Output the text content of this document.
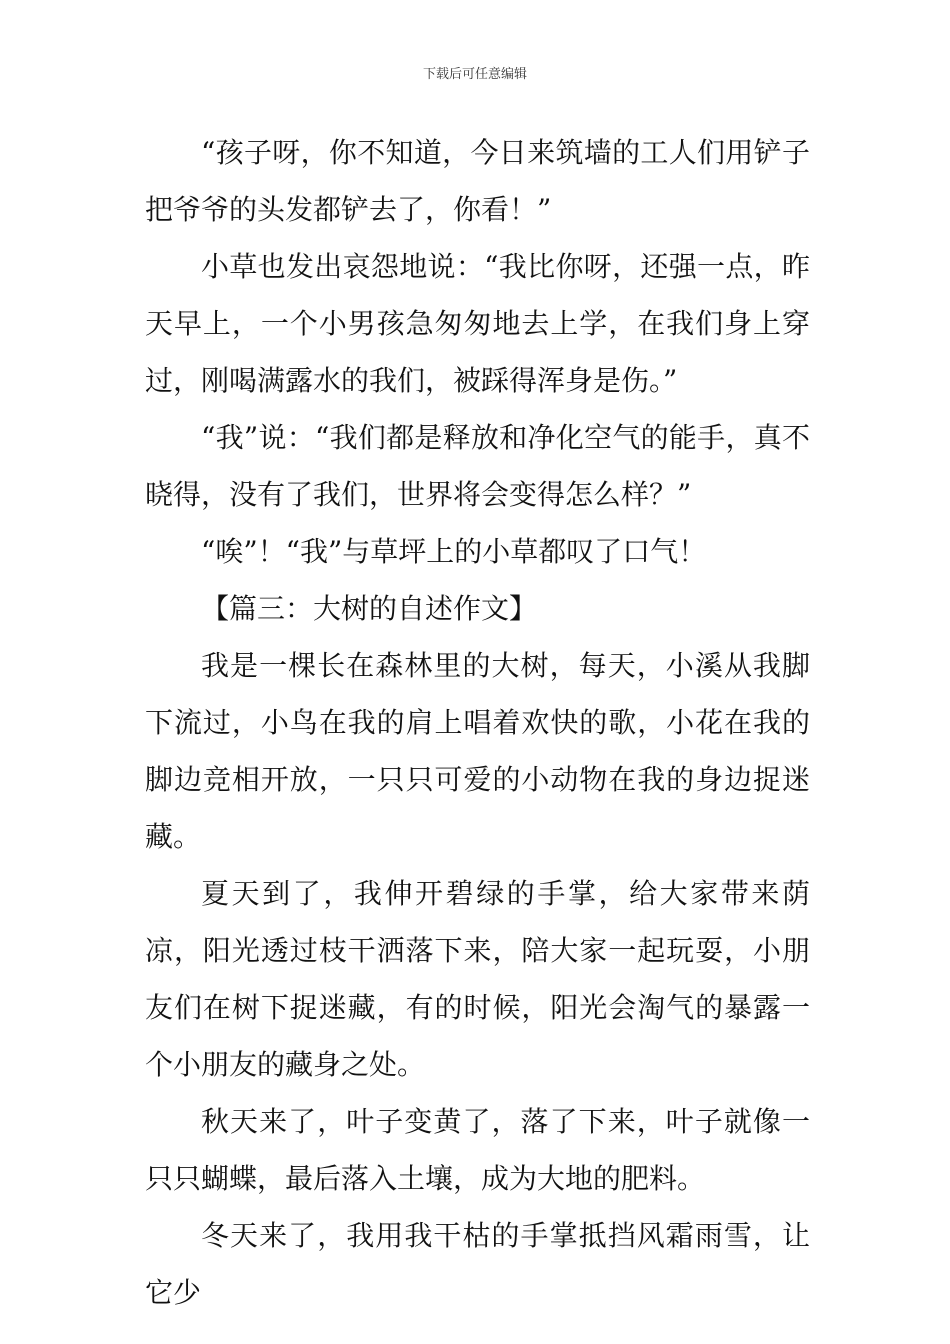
下载后可任意编辑

“孩子呀，你不知道，今日来筑墙的工人们用铲子把爷爷的头发都铲去了，你看！”

小草也发出哀怨地说：“我比你呀，还强一点，昨天早上，一个小男孩急匆匆地去上学，在我们身上穿过，刚喝满露水的我们，被踩得浑身是伤。”

“我”说：“我们都是释放和净化空气的能手，真不晓得，没有了我们，世界将会变得怎么样？”

“唉”！“我”与草坪上的小草都叹了口气！

【篇三：大树的自述作文】

我是一棵长在森林里的大树，每天，小溪从我脚下流过，小鸟在我的肩上唱着欢快的歌，小花在我的脚边竞相开放，一只只可爱的小动物在我的身边捉迷藏。

夏天到了，我伸开碧绿的手掌，给大家带来荫凉，阳光透过枝干洒落下来，陪大家一起玩耍，小朋友们在树下捉迷藏，有的时候，阳光会淘气的暴露一个小朋友的藏身之处。

秋天来了，叶子变黄了，落了下来，叶子就像一只只蝴蝶，最后落入土壤，成为大地的肥料。

冬天来了，我用我干枯的手掌抵挡风霜雨雪，让它少
